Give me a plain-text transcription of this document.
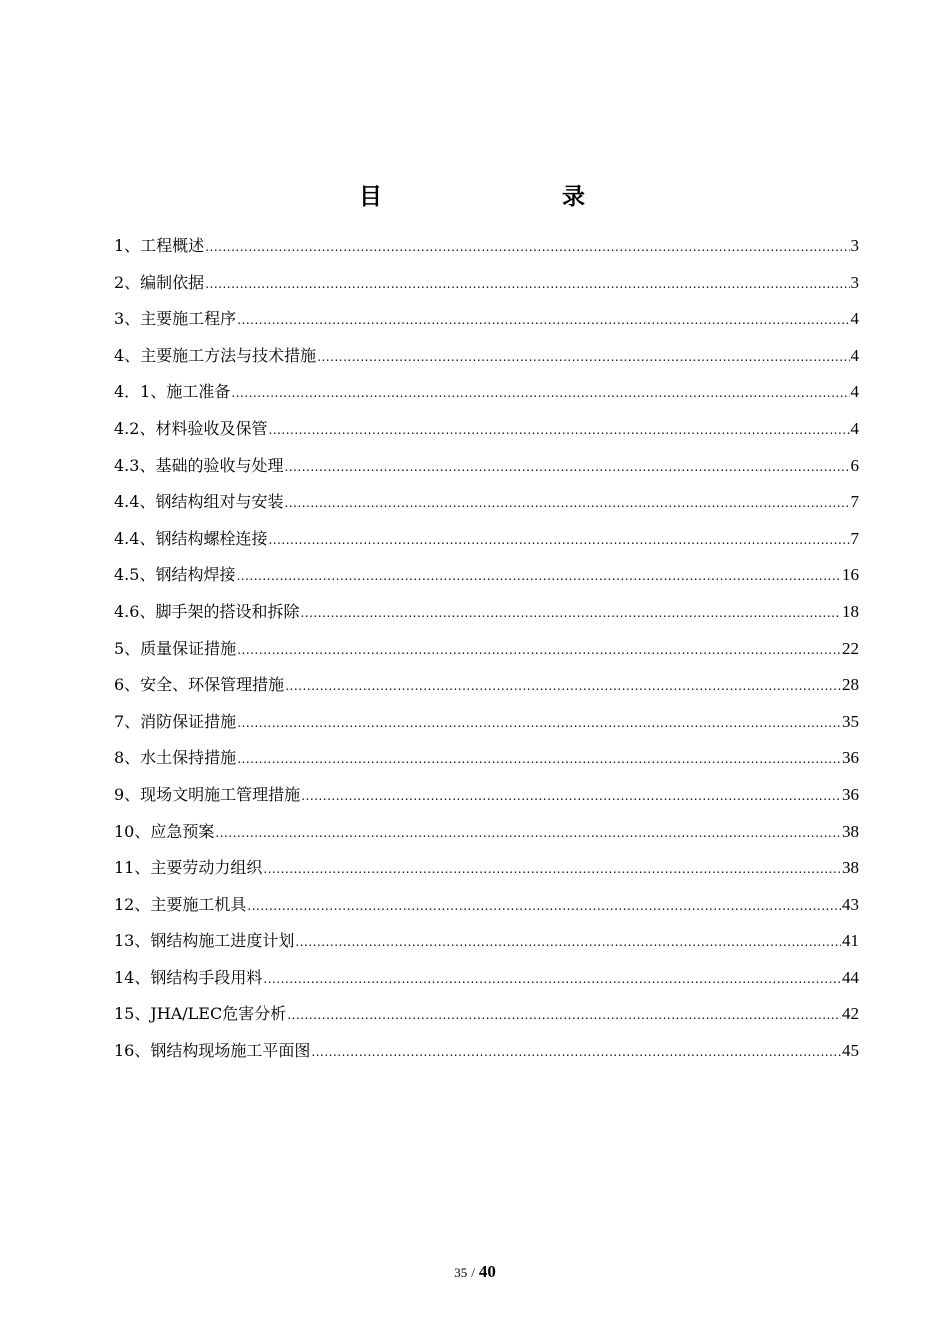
目	录
1、工程概述 .....	3
2、编制依据 .....	3
3、主要施工程序 .....	4
4、主要施工方法与技术措施 .....	4
4．1、施工准备 .....	4
4.2、材料验收及保管 .....	4
4.3、基础的验收与处理 .....	6
4.4、钢结构组对与安装 .....	7
4.4、钢结构螺栓连接 .....	7
4.5、钢结构焊接 .....	16
4.6、脚手架的搭设和拆除 .....	18
5、质量保证措施 .....	22
6、安全、环保管理措施 .....	28
7、消防保证措施 .....	35
8、水土保持措施 .....	36
9、现场文明施工管理措施 .....	36
10、应急预案 .....	38
11、主要劳动力组织 .....	38
12、主要施工机具 .....	43
13、钢结构施工进度计划 .....	41
14、钢结构手段用料 .....	44
15、JHA/LEC危害分析 .....	42
16、钢结构现场施工平面图 .....	45
35 / 40
